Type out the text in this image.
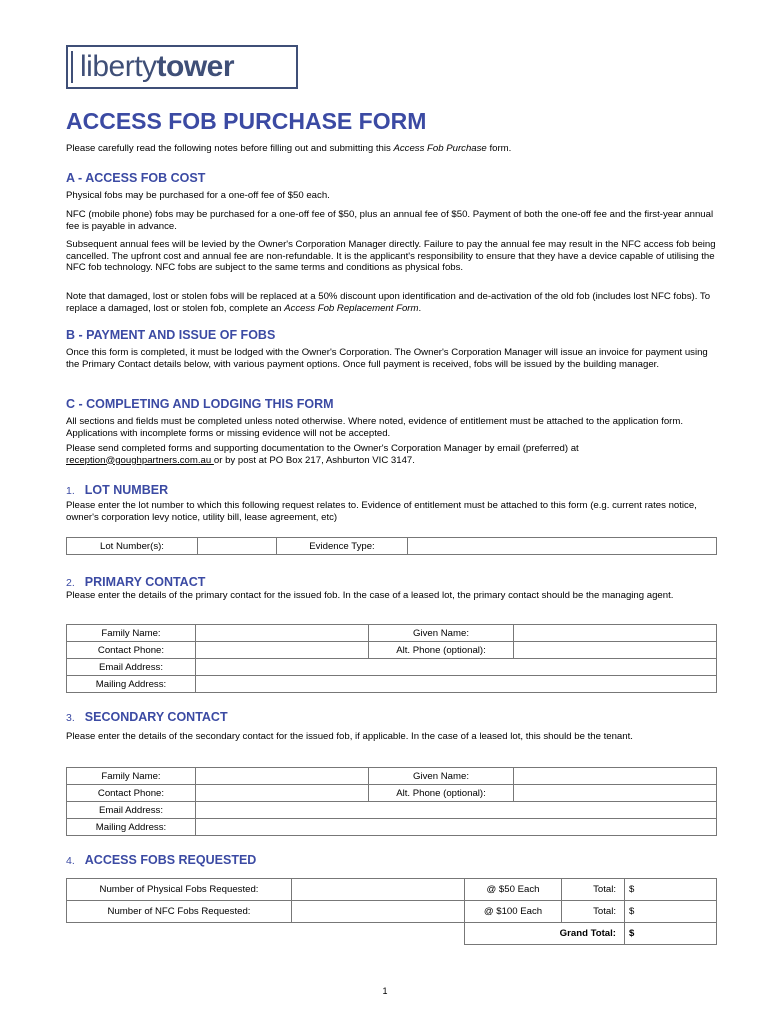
libertytower
ACCESS FOB PURCHASE FORM
Please carefully read the following notes before filling out and submitting this Access Fob Purchase form.
A - ACCESS FOB COST
Physical fobs may be purchased for a one-off fee of $50 each.
NFC (mobile phone) fobs may be purchased for a one-off fee of $50, plus an annual fee of $50. Payment of both the one-off fee and the first-year annual fee is payable in advance.
Subsequent annual fees will be levied by the Owner's Corporation Manager directly. Failure to pay the annual fee may result in the NFC access fob being cancelled. The upfront cost and annual fee are non-refundable. It is the applicant's responsibility to ensure that they have a device capable of utilising the NFC fob technology. NFC fobs are subject to the same terms and conditions as physical fobs.
Note that damaged, lost or stolen fobs will be replaced at a 50% discount upon identification and de-activation of the old fob (includes lost NFC fobs). To replace a damaged, lost or stolen fob, complete an Access Fob Replacement Form.
B - PAYMENT AND ISSUE OF FOBS
Once this form is completed, it must be lodged with the Owner's Corporation. The Owner's Corporation Manager will issue an invoice for payment using the Primary Contact details below, with various payment options. Once full payment is received, fobs will be issued by the building manager.
C - COMPLETING AND LODGING THIS FORM
All sections and fields must be completed unless noted otherwise. Where noted, evidence of entitlement must be attached to the application form. Applications with incomplete forms or missing evidence will not be accepted.
Please send completed forms and supporting documentation to the Owner's Corporation Manager by email (preferred) at
reception@goughpartners.com.au or by post at PO Box 217, Ashburton VIC 3147.
1. LOT NUMBER
Please enter the lot number to which this following request relates to. Evidence of entitlement must be attached to this form (e.g. current rates notice, owner's corporation levy notice, utility bill, lease agreement, etc)
Lot Number(s):		Evidence Type:	
2. PRIMARY CONTACT
Please enter the details of the primary contact for the issued fob. In the case of a leased lot, the primary contact should be the managing agent.
Family Name:		Given Name:	
Contact Phone:		Alt. Phone (optional):	
Email Address:			
Mailing Address:			
3. SECONDARY CONTACT
Please enter the details of the secondary contact for the issued fob, if applicable. In the case of a leased lot, this should be the tenant.
Family Name:		Given Name:	
Contact Phone:		Alt. Phone (optional):	
Email Address:			
Mailing Address:			
4. ACCESS FOBS REQUESTED
Number of Physical Fobs Requested:		@ $50 Each	Total:	$
Number of NFC Fobs Requested:		@ $100 Each	Total:	$
		Grand Total:		$
1
